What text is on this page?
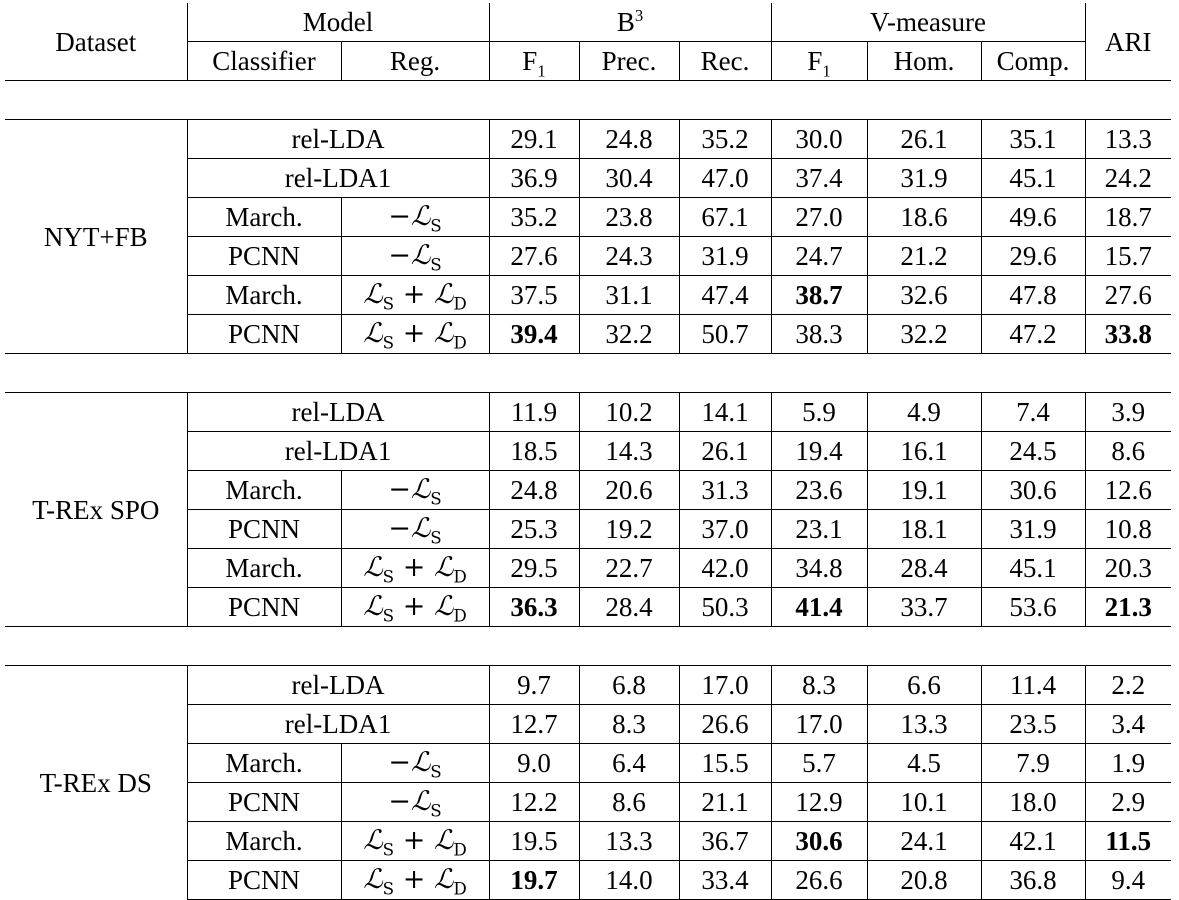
Dataset	Model		$B^3$			V-measure			ARI
	Classifier	Reg.	$F_1$	Prec.	Rec.	$F_1$	Hom.	Comp.	

NYT+FB	rel-LDA		29.1	24.8	35.2	30.0	26.1	35.1	13.3
	rel-LDA1		36.9	30.4	47.0	37.4	31.9	45.1	24.2
	March.	−ℒ$_S$	35.2	23.8	67.1	27.0	18.6	49.6	18.7
	PCNN	−ℒ$_S$	27.6	24.3	31.9	24.7	21.2	29.6	15.7
	March.	ℒ$_S$ + ℒ$_D$	37.5	31.1	47.4	38.7	32.6	47.8	27.6
	PCNN	ℒ$_S$ + ℒ$_D$	39.4	32.2	50.7	38.3	32.2	47.2	33.8

T-REx SPO	rel-LDA		11.9	10.2	14.1	5.9	4.9	7.4	3.9
	rel-LDA1		18.5	14.3	26.1	19.4	16.1	24.5	8.6
	March.	−ℒ$_S$	24.8	20.6	31.3	23.6	19.1	30.6	12.6
	PCNN	−ℒ$_S$	25.3	19.2	37.0	23.1	18.1	31.9	10.8
	March.	ℒ$_S$ + ℒ$_D$	29.5	22.7	42.0	34.8	28.4	45.1	20.3
	PCNN	ℒ$_S$ + ℒ$_D$	36.3	28.4	50.3	41.4	33.7	53.6	21.3

T-REx DS	rel-LDA		9.7	6.8	17.0	8.3	6.6	11.4	2.2
	rel-LDA1		12.7	8.3	26.6	17.0	13.3	23.5	3.4
	March.	−ℒ$_S$	9.0	6.4	15.5	5.7	4.5	7.9	1.9
	PCNN	−ℒ$_S$	12.2	8.6	21.1	12.9	10.1	18.0	2.9
	March.	ℒ$_S$ + ℒ$_D$	19.5	13.3	36.7	30.6	24.1	42.1	11.5
	PCNN	ℒ$_S$ + ℒ$_D$	19.7	14.0	33.4	26.6	20.8	36.8	9.4
